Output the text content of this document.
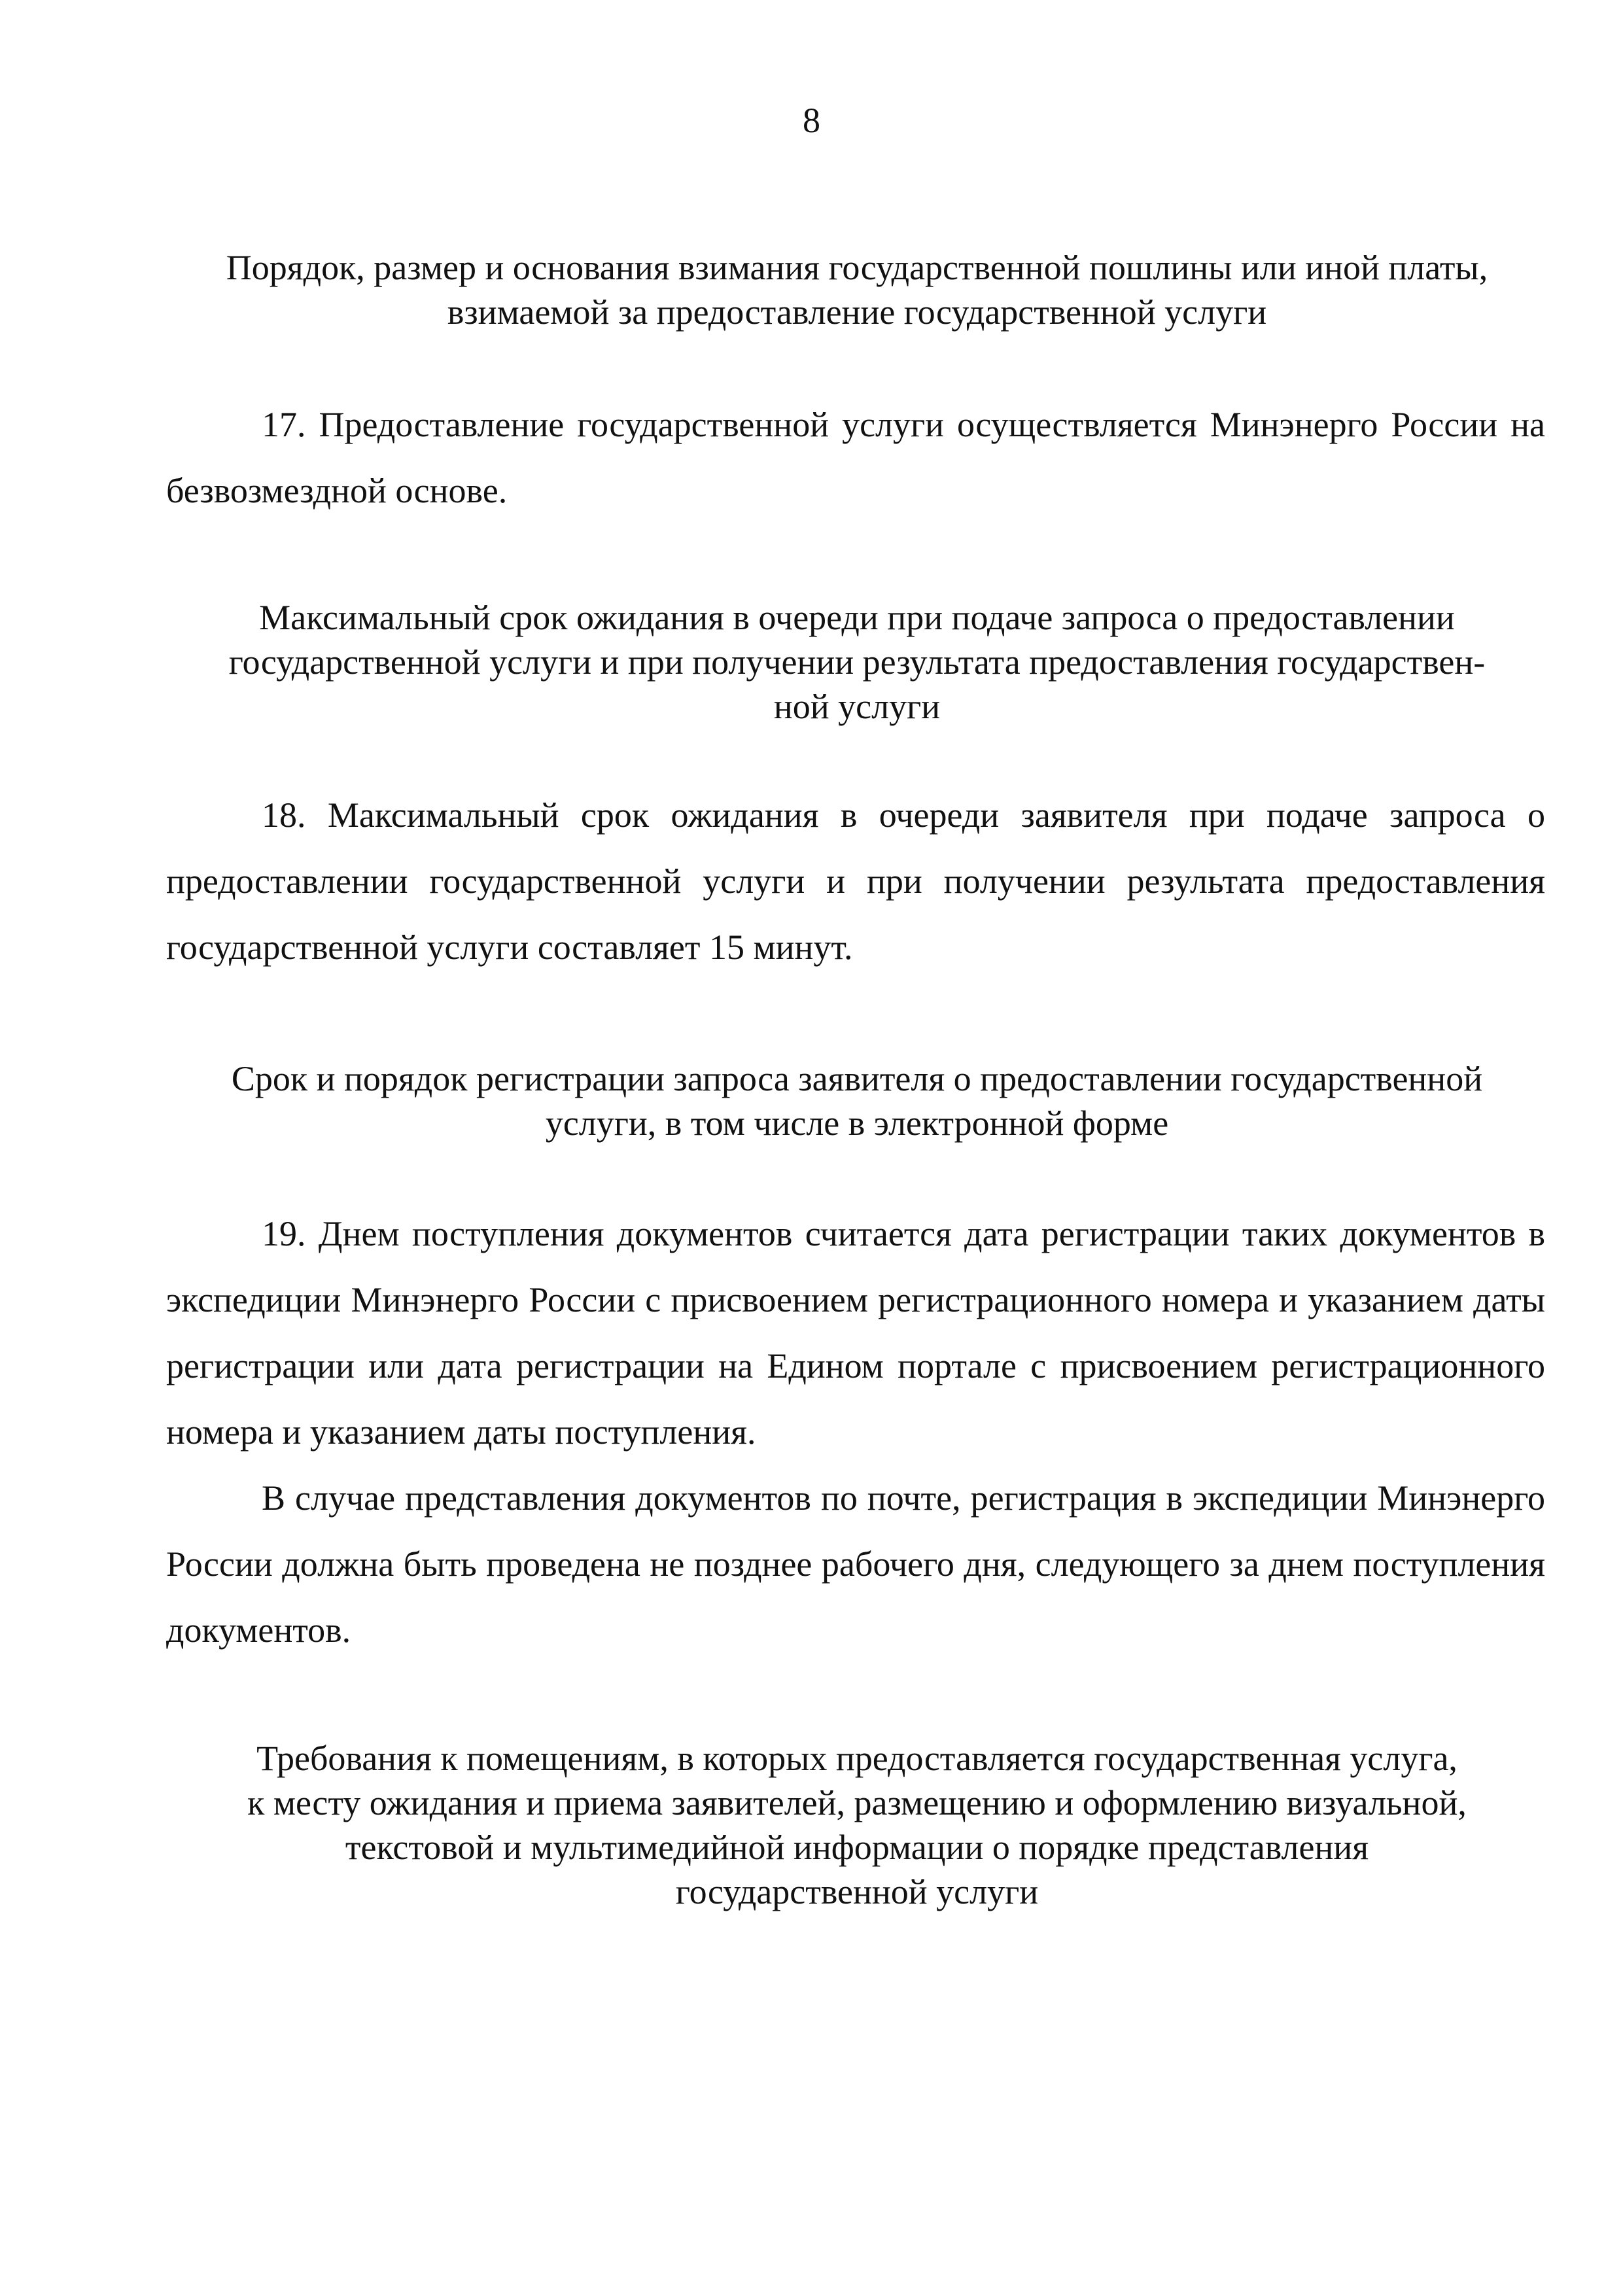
8
Порядок, размер и основания взимания государственной пошлины или иной платы,
взимаемой за предоставление государственной услуги
17. Предоставление государственной услуги осуществляется Минэнерго России на безвозмездной основе.
Максимальный срок ожидания в очереди при подаче запроса о предоставлении
государственной услуги и при получении результата предоставления государствен-
ной услуги
18. Максимальный срок ожидания в очереди заявителя при подаче запроса о предоставлении государственной услуги и при получении результата предоставления государственной услуги составляет 15 минут.
Срок и порядок регистрации запроса заявителя о предоставлении государственной
услуги, в том числе в электронной форме
19. Днем поступления документов считается дата регистрации таких документов в экспедиции Минэнерго России с присвоением регистрационного номера и указанием даты регистрации или дата регистрации на Едином портале с присвоением регистрационного номера и указанием даты поступления.
В случае представления документов по почте, регистрация в экспедиции Минэнерго России должна быть проведена не позднее рабочего дня, следующего за днем поступления документов.
Требования к помещениям, в которых предоставляется государственная услуга,
к месту ожидания и приема заявителей, размещению и оформлению визуальной,
текстовой и мультимедийной информации о порядке представления
государственной услуги
